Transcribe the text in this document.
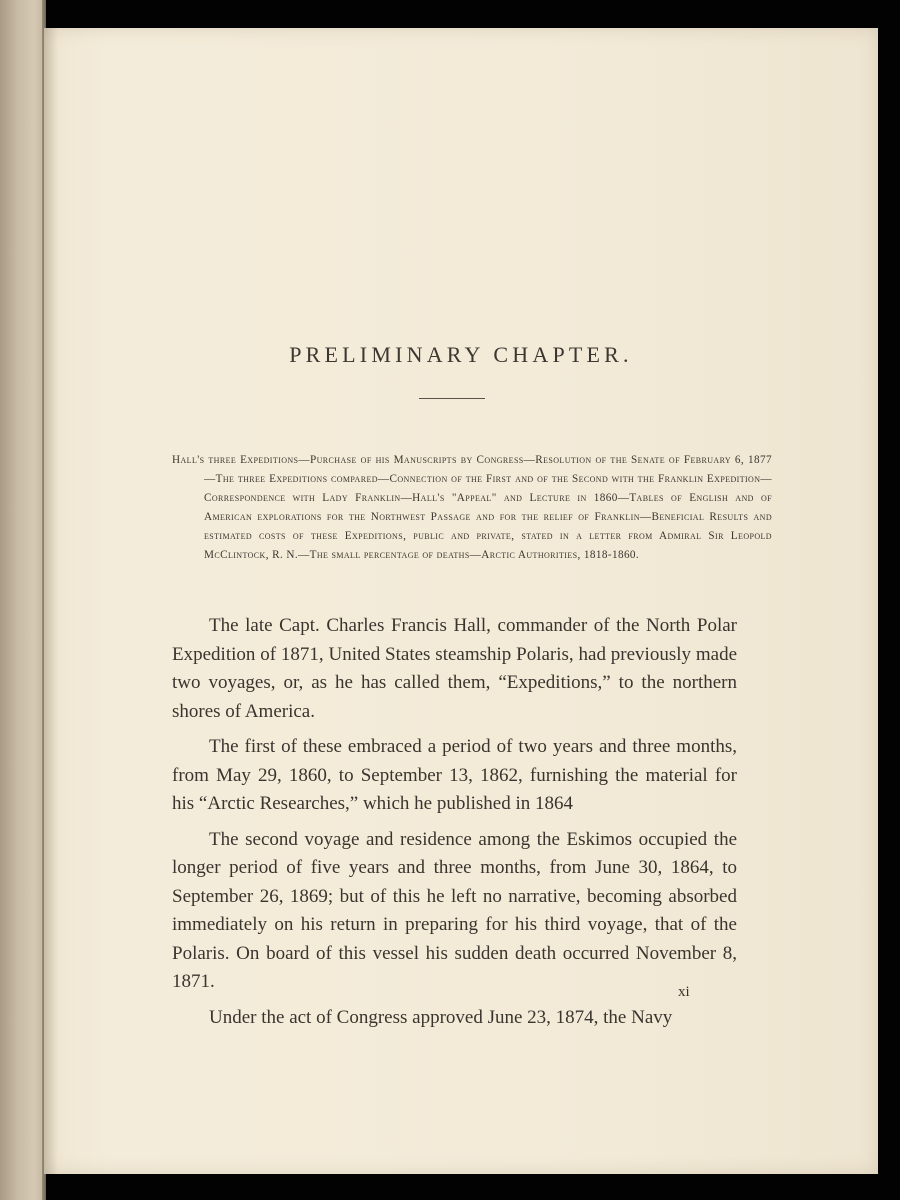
PRELIMINARY CHAPTER.
Hall's three Expeditions—Purchase of his Manuscripts by Congress—Resolution of the Senate of February 6, 1877—The three Expeditions compared—Connection of the First and of the Second with the Franklin Expedition—Correspondence with Lady Franklin—Hall's "Appeal" and Lecture in 1860—Tables of English and of American explorations for the Northwest Passage and for the relief of Franklin—Beneficial Results and estimated costs of these Expeditions, public and private, stated in a letter from Admiral Sir Leopold McClintock, R. N.—The small percentage of deaths—Arctic Authorities, 1818-1860.

The late Capt. Charles Francis Hall, commander of the North Polar Expedition of 1871, United States steamship Polaris, had previously made two voyages, or, as he has called them, “Expeditions,” to the northern shores of America.

The first of these embraced a period of two years and three months, from May 29, 1860, to September 13, 1862, furnishing the material for his “Arctic Researches,” which he published in 1864

The second voyage and residence among the Eskimos occupied the longer period of five years and three months, from June 30, 1864, to September 26, 1869; but of this he left no narrative, becoming absorbed immediately on his return in preparing for his third voyage, that of the Polaris. On board of this vessel his sudden death occurred November 8, 1871.

Under the act of Congress approved June 23, 1874, the Navy

xi
